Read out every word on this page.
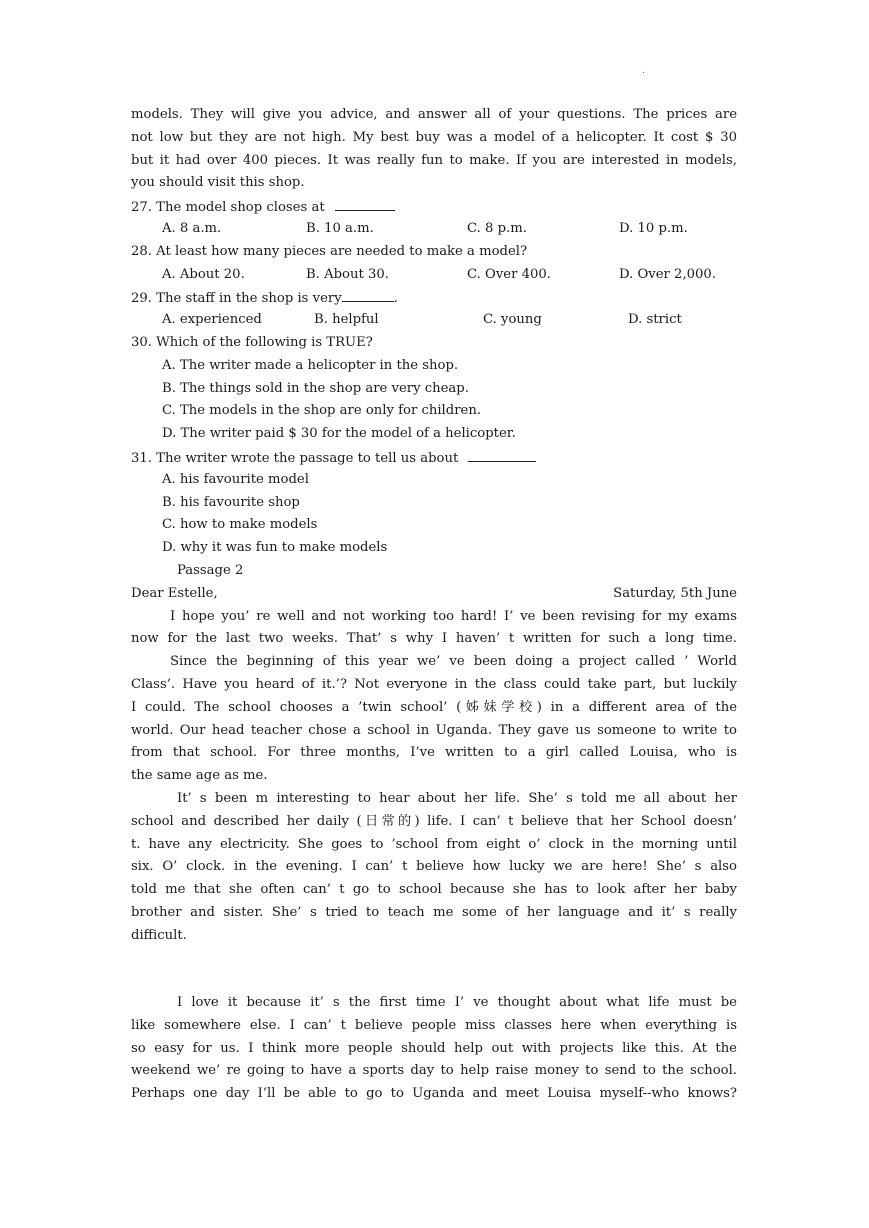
.
models. They will give you advice, and answer all of your questions. The prices are
not low but they are not high. My best buy was a model of a helicopter. It cost $ 30
but it had over 400 pieces. It was really fun to make. If you are interested in models,
you should visit this shop.
27. The model shop closes at
A. 8 a.m.	B. 10 a.m.	C. 8 p.m.	D. 10 p.m.
28. At least how many pieces are needed to make a model?
A. About 20.	B. About 30.	C. Over 400.	D. Over 2,000.
29. The staff in the shop is very	.
A. experienced	B. helpful	C. young	D. strict
30. Which of the following is TRUE?
A. The writer made a helicopter in the shop.
B. The things sold in the shop are very cheap.
C. The models in the shop are only for children.
D. The writer paid $ 30 for the model of a helicopter.
31. The writer wrote the passage to tell us about
A. his favourite model
B. his favourite shop
C. how to make models
D. why it was fun to make models
Passage 2
Dear Estelle,	Saturday, 5th June
I hope you’ re well and not working too hard! I’ ve been revising for my exams
now for the last two weeks. That’ s why I haven’ t written for such a long time.
Since the beginning of this year we’ ve been doing a project called ’ World
Class’. Have you heard of it.’? Not everyone in the class could take part, but luckily
I could. The school chooses a ’twin school’ (姊妹学校) in a different area of the
world. Our head teacher chose a school in Uganda. They gave us someone to write to
from that school. For three months, I’ve written to a girl called Louisa, who is
the same age as me.
It’ s been m interesting to hear about her life. She’ s told me all about her
school and described her daily (日常的) life. I can’ t believe that her School doesn’
t. have any electricity. She goes to ’school from eight o’ clock in the morning until
six. O’ clock. in the evening. I can’ t believe how lucky we are here! She’ s also
told me that she often can’ t go to school because she has to look after her baby
brother and sister. She’ s tried to teach me some of her language and it’ s really
difficult.
I love it because it’ s the first time I’ ve thought about what life must be
like somewhere else. I can’ t believe people miss classes here when everything is
so easy for us. I think more people should help out with projects like this. At the
weekend we’ re going to have a sports day to help raise money to send to the school.
Perhaps one day I’ll be able to go to Uganda and meet Louisa myself--who knows?
